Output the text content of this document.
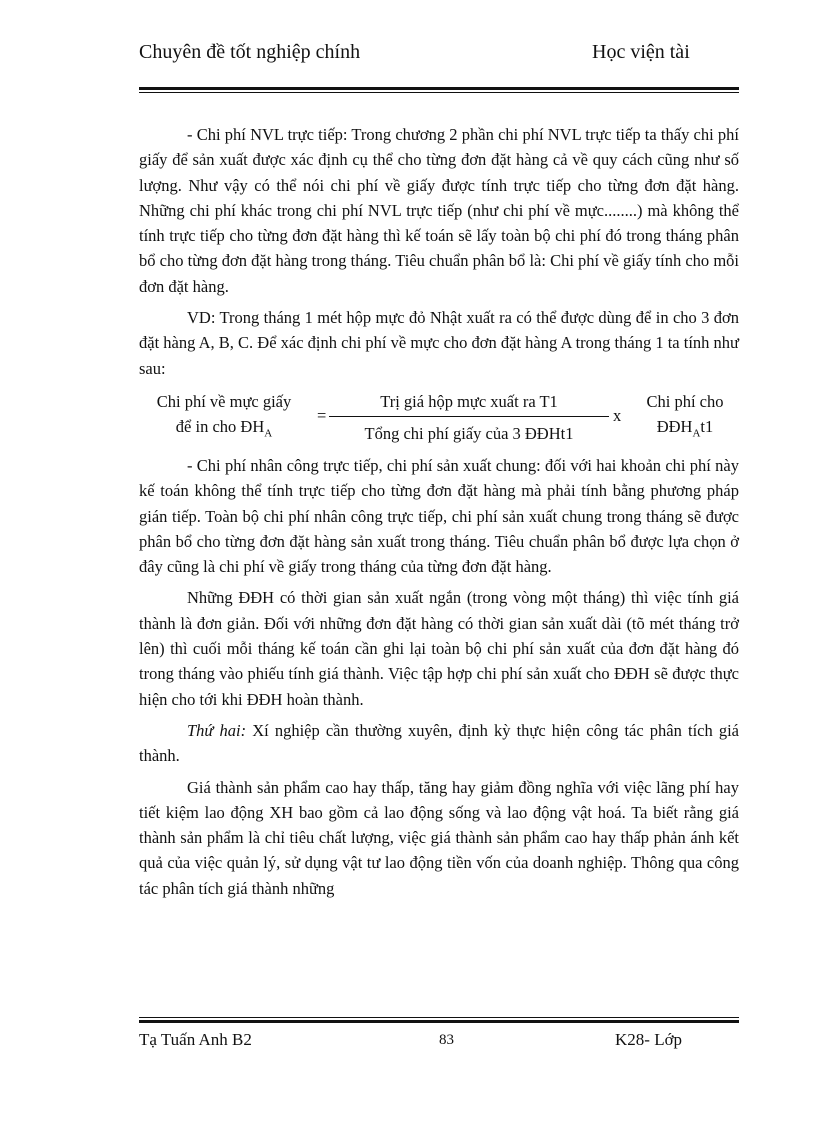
Chuyên đề tốt nghiệp chính	Học viện tài

- Chi phí NVL trực tiếp: Trong chương 2 phần chi phí NVL trực tiếp ta thấy chi phí giấy để sản xuất được xác định cụ thể cho từng đơn đặt hàng cả về quy cách cũng như số lượng. Như vậy có thể nói chi phí về giấy được tính trực tiếp cho từng đơn đặt hàng. Những chi phí khác trong chi phí NVL trực tiếp (như chi phí về mực........) mà không thể tính trực tiếp cho từng đơn đặt hàng thì kế toán sẽ lấy toàn bộ chi phí đó trong tháng phân bổ cho từng đơn đặt hàng trong tháng. Tiêu chuẩn phân bổ là: Chi phí về giấy tính cho mỗi đơn đặt hàng.

VD: Trong tháng 1 mét hộp mực đỏ Nhật xuất ra có thể được dùng để in cho 3 đơn đặt hàng A, B, C. Để xác định chi phí về mực cho đơn đặt hàng A trong tháng 1 ta tính như sau:

Chi phí về mực giấy
để in cho $ĐH_A$
=
Trị giá hộp mực xuất ra T1
Tổng chi phí giấy của 3 ĐĐHt1
x
Chi phí cho
$ĐĐH_At1$

- Chi phí nhân công trực tiếp, chi phí sản xuất chung: đối với hai khoản chi phí này kế toán không thể tính trực tiếp cho từng đơn đặt hàng mà phải tính bằng phương pháp gián tiếp. Toàn bộ chi phí nhân công trực tiếp, chi phí sản xuất chung trong tháng sẽ được phân bổ cho từng đơn đặt hàng sản xuất trong tháng. Tiêu chuẩn phân bổ được lựa chọn ở đây cũng là chi phí về giấy trong tháng của từng đơn đặt hàng.

Những ĐĐH có thời gian sản xuất ngắn (trong vòng một tháng) thì việc tính giá thành là đơn giản. Đối với những đơn đặt hàng có thời gian sản xuất dài (tõ mét tháng trở lên) thì cuối mỗi tháng kế toán cần ghi lại toàn bộ chi phí sản xuất của đơn đặt hàng đó trong tháng vào phiếu tính giá thành. Việc tập hợp chi phí sản xuất cho ĐĐH sẽ được thực hiện cho tới khi ĐĐH hoàn thành.

Thứ hai: Xí nghiệp cần thường xuyên, định kỳ thực hiện công tác phân tích giá thành.

Giá thành sản phẩm cao hay thấp, tăng hay giảm đồng nghĩa với việc lãng phí hay tiết kiệm lao động XH bao gồm cả lao động sống và lao động vật hoá. Ta biết rằng giá thành sản phẩm là chỉ tiêu chất lượng, việc giá thành sản phẩm cao hay thấp phản ánh kết quả của việc quản lý, sử dụng vật tư lao động tiền vốn của doanh nghiệp. Thông qua công tác phân tích giá thành những

Tạ Tuấn Anh B2	83	K28- Lớp
